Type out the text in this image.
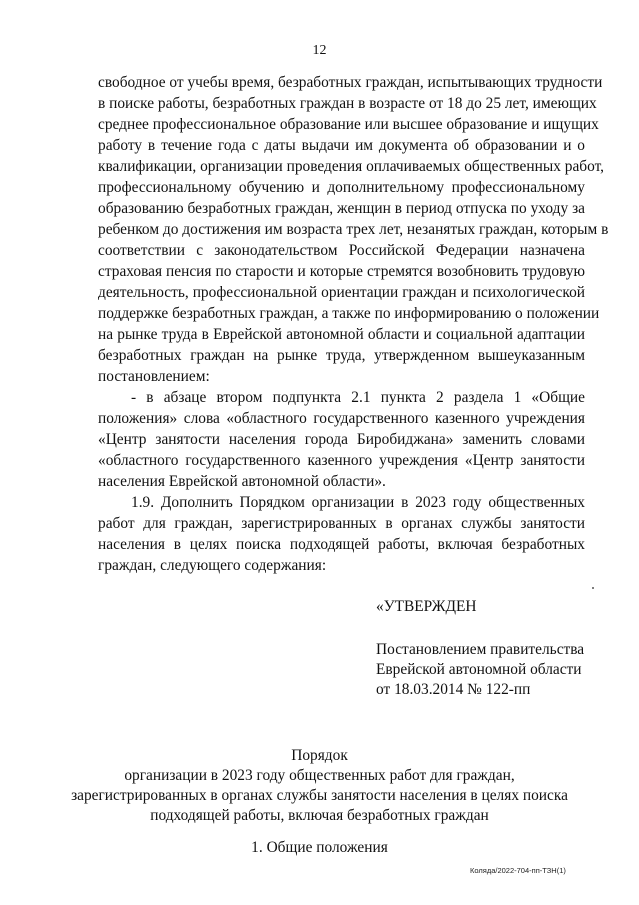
12
свободное от учебы время, безработных граждан, испытывающих трудности
в поиске работы, безработных граждан в возрасте от 18 до 25 лет, имеющих
среднее профессиональное образование или высшее образование и ищущих
работу в течение года с даты выдачи им документа об образовании и о
квалификации, организации проведения оплачиваемых общественных работ,
профессиональному обучению и дополнительному профессиональному
образованию безработных граждан, женщин в период отпуска по уходу за
ребенком до достижения им возраста трех лет, незанятых граждан, которым в
соответствии с законодательством Российской Федерации назначена
страховая пенсия по старости и которые стремятся возобновить трудовую
деятельность, профессиональной ориентации граждан и психологической
поддержке безработных граждан, а также по информированию о положении
на рынке труда в Еврейской автономной области и социальной адаптации
безработных граждан на рынке труда, утвержденном вышеуказанным
постановлением:
- в абзаце втором подпункта 2.1 пункта 2 раздела 1 «Общие
положения» слова «областного государственного казенного учреждения
«Центр занятости населения города Биробиджана» заменить словами
«областного государственного казенного учреждения «Центр занятости
населения Еврейской автономной области».
1.9. Дополнить Порядком организации в 2023 году общественных
работ для граждан, зарегистрированных в органах службы занятости
населения в целях поиска подходящей работы, включая безработных
граждан, следующего содержания:
«УТВЕРЖДЕН
Постановлением правительства
Еврейской автономной области
от 18.03.2014 № 122-пп
Порядок
организации в 2023 году общественных работ для граждан,
зарегистрированных в органах службы занятости населения в целях поиска
подходящей работы, включая безработных граждан
1. Общие положения
Коляда/2022-704-пп-ТЗН(1)
